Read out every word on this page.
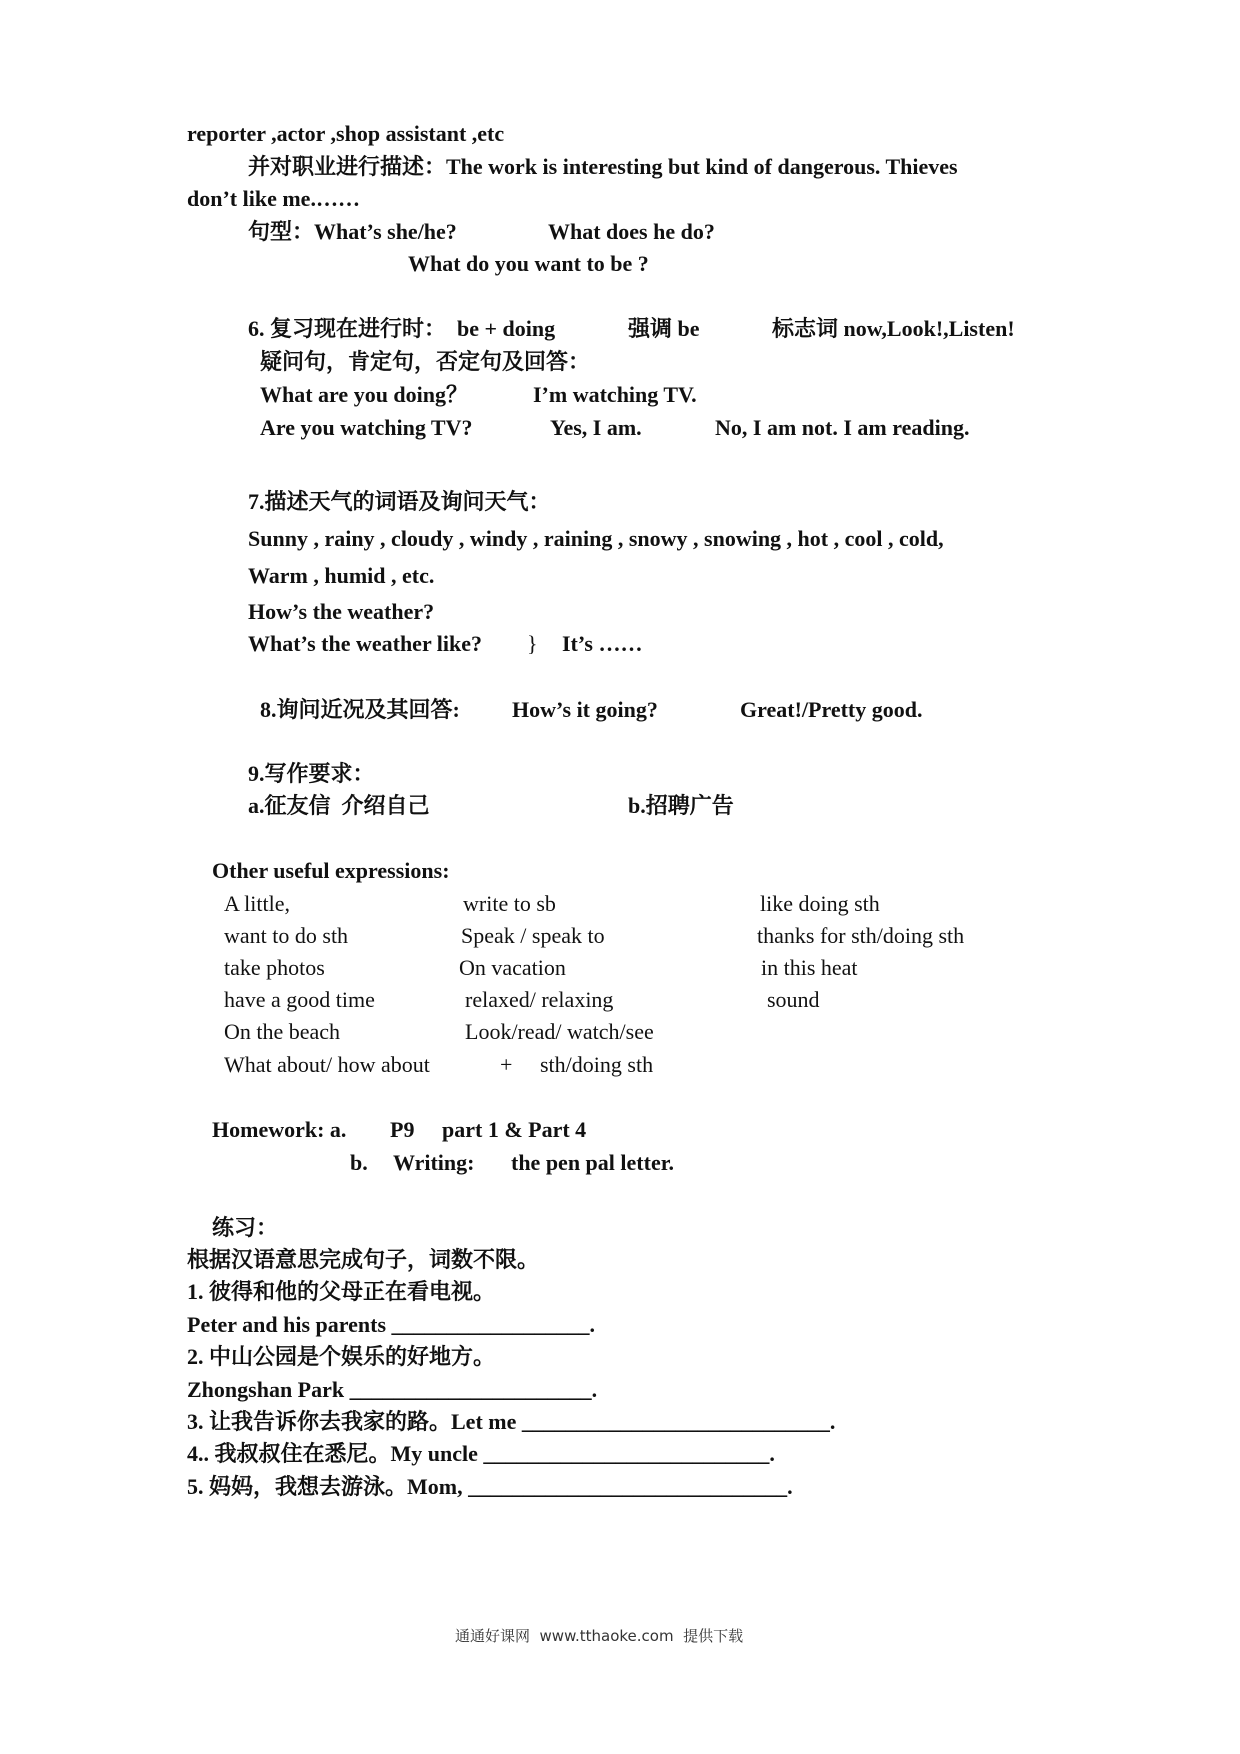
reporter ,actor ,shop assistant ,etc
并对职业进行描述：The work is interesting but kind of dangerous. Thieves
don’t like me.……
句型：What’s she/he?	What does he do?
What do you want to be ?
6. 复习现在进行时：  be + doing	强调 be	标志词 now,Look!,Listen!
疑问句，肯定句，否定句及回答：
What are you doing？	I’m watching TV.
Are you watching TV?	Yes, I am.	No, I am not. I am reading.
7.描述天气的词语及询问天气：
Sunny , rainy , cloudy , windy , raining , snowy , snowing , hot , cool , cold,
Warm , humid , etc.
How’s the weather?
What’s the weather like? } It’s ……
8.询问近况及其回答: How’s it going?	Great!/Pretty good.
9.写作要求：
a.征友信  介绍自己	b.招聘广告
Other useful expressions:
A little,	write to sb	like doing sth
want to do sth	Speak / speak to	thanks for sth/doing sth
take photos	On vacation	in this heat
have a good time	relaxed/ relaxing	sound
On the beach	Look/read/ watch/see
What about/ how about	+ sth/doing sth
Homework: a. P9 part 1 & Part 4
b. Writing: the pen pal letter.
练习：
根据汉语意思完成句子，词数不限。
1. 彼得和他的父母正在看电视。
Peter and his parents __________________.
2. 中山公园是个娱乐的好地方。
Zhongshan Park ______________________.
3. 让我告诉你去我家的路。Let me ____________________________.
4.. 我叔叔住在悉尼。My uncle __________________________.
5. 妈妈，我想去游泳。Mom, _____________________________.
通通好课网  www.tthaoke.com  提供下载
